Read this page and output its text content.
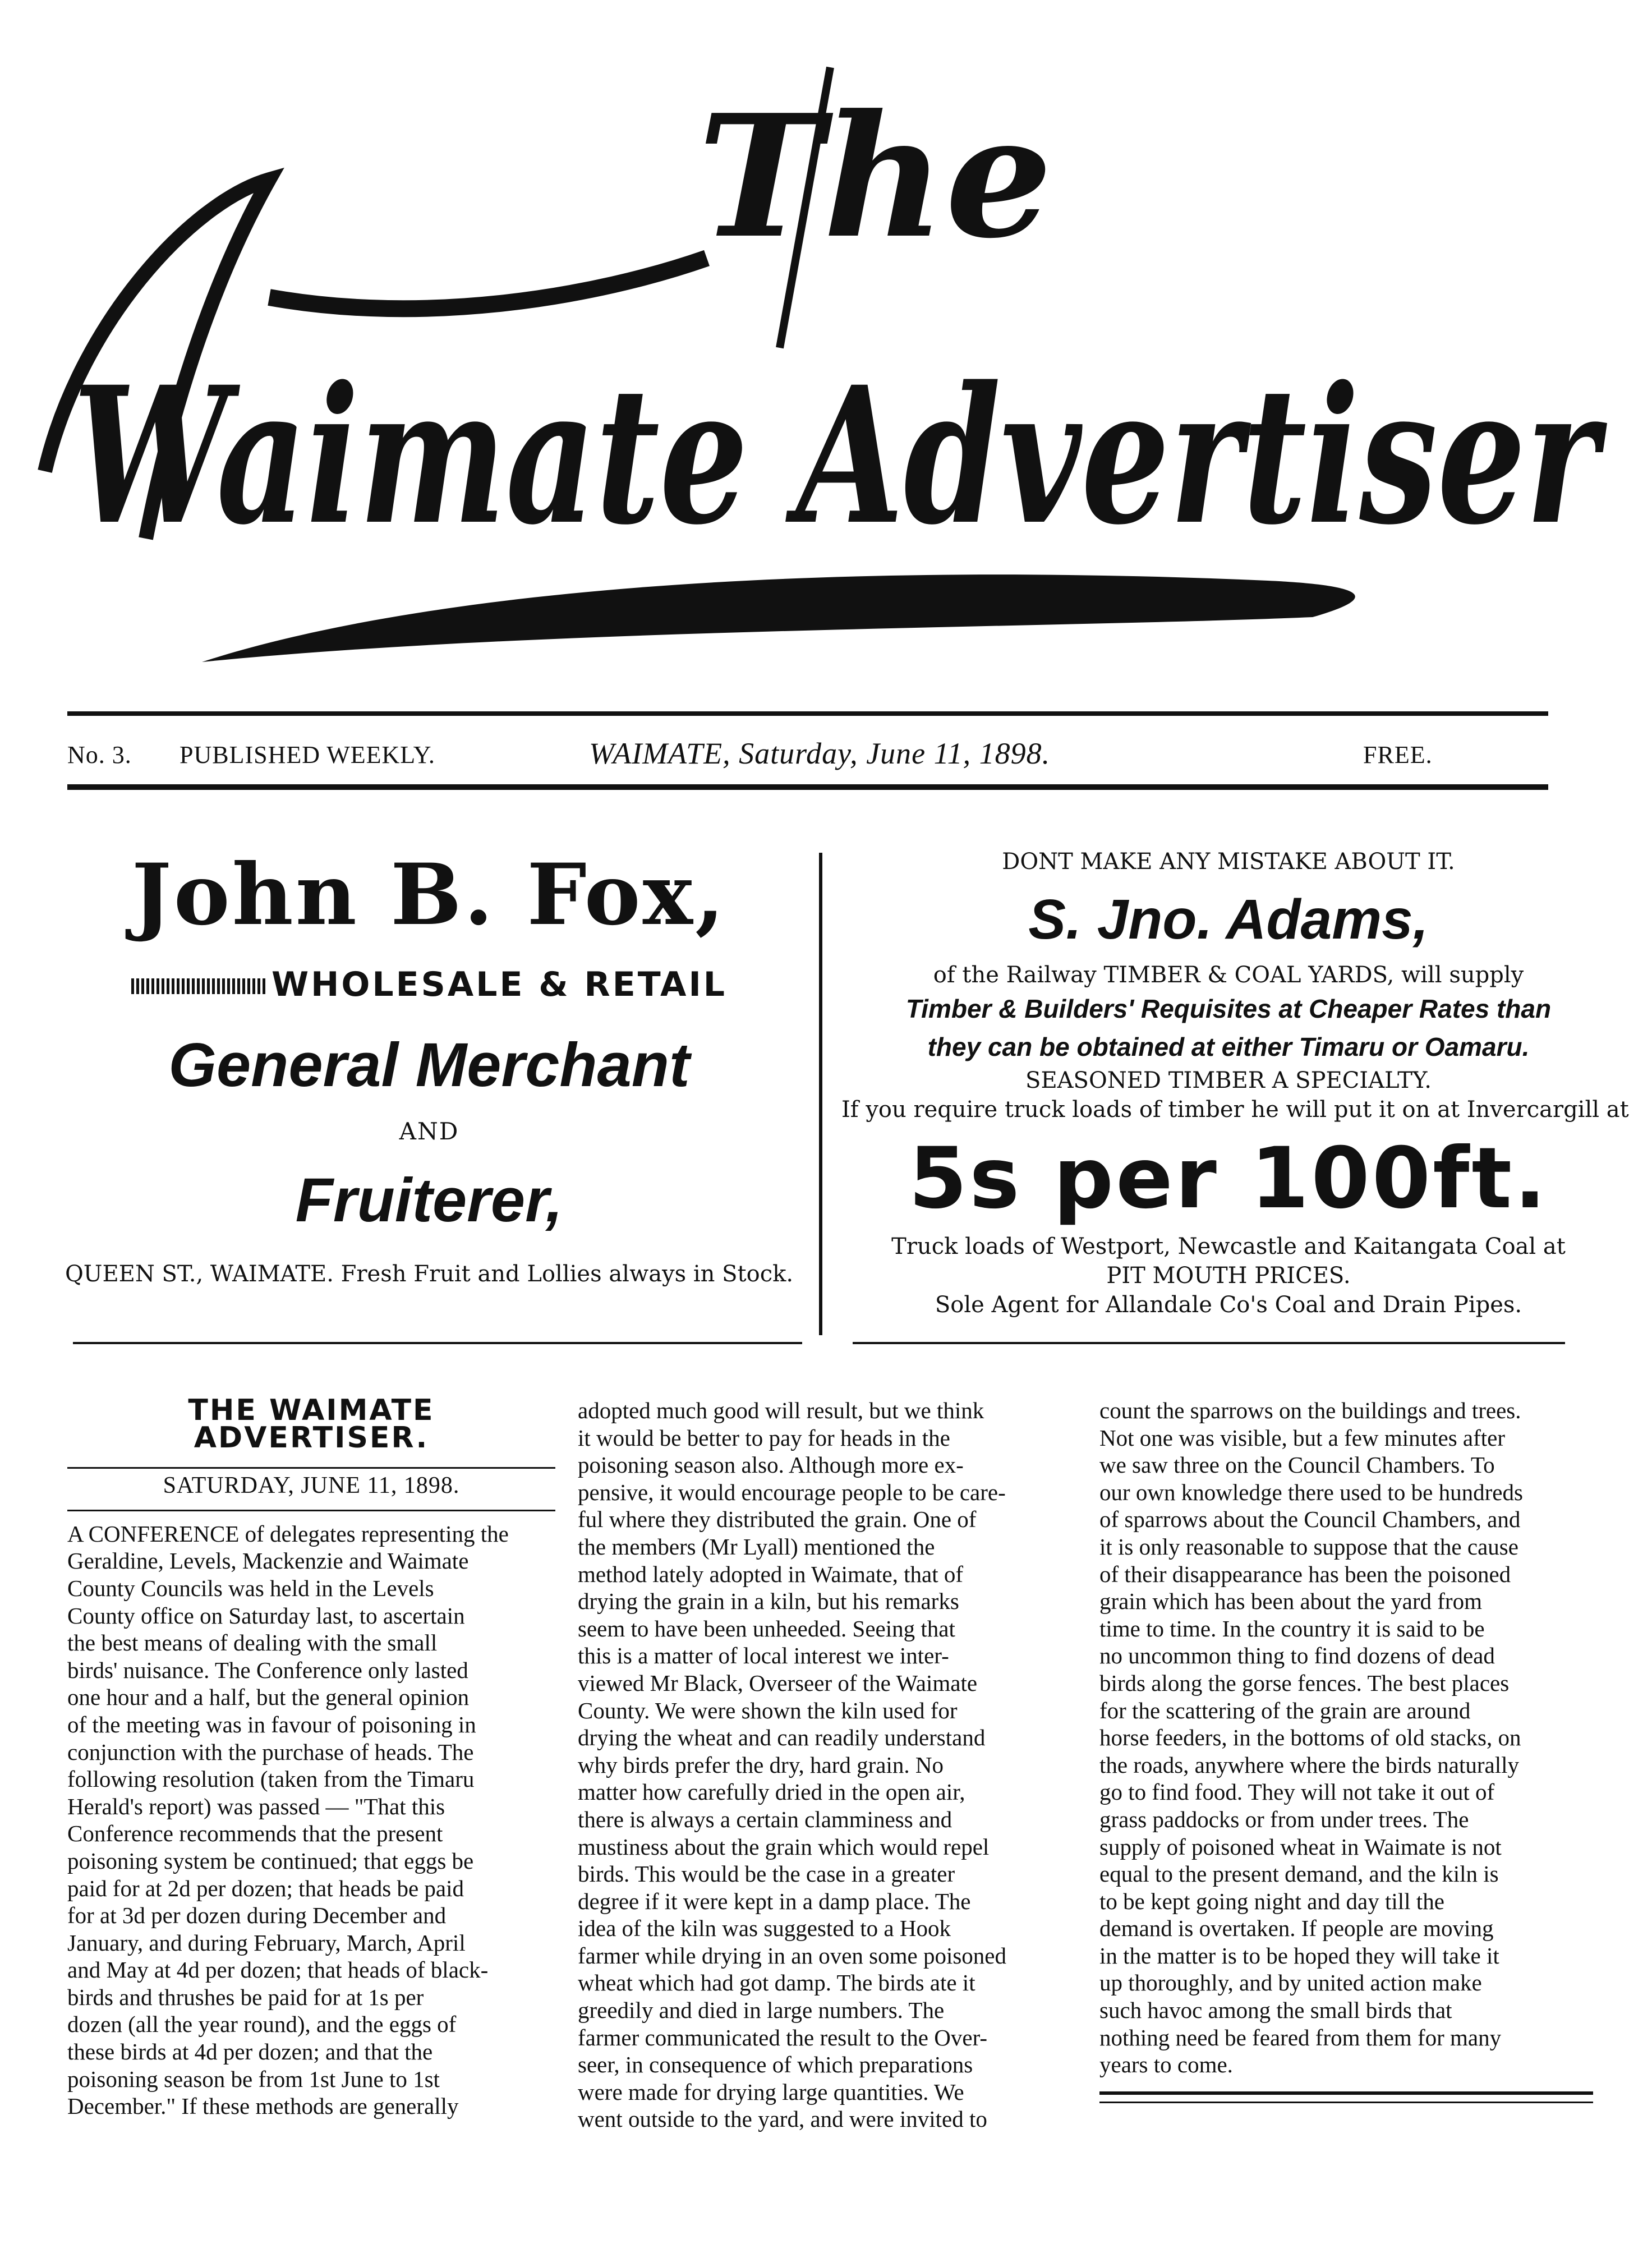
The
Waimate Advertiser
No. 3. PUBLISHED WEEKLY.	WAIMATE, Saturday, June 11, 1898.	FREE.
John B. Fox,
WHOLESALE & RETAIL
General Merchant
AND
Fruiterer,
QUEEN ST., WAIMATE. Fresh Fruit and Lollies always in Stock.
DONT MAKE ANY MISTAKE ABOUT IT.
S. Jno. Adams,
of the Railway TIMBER & COAL YARDS, will supply
Timber & Builders' Requisites at Cheaper Rates than
they can be obtained at either Timaru or Oamaru.
SEASONED TIMBER A SPECIALTY.
If you require truck loads of timber he will put it on at Invercargill at
5s per 100ft.
Truck loads of Westport, Newcastle and Kaitangata Coal at
PIT MOUTH PRICES.
Sole Agent for Allandale Co's Coal and Drain Pipes.
THE WAIMATE ADVERTISER.
SATURDAY, JUNE 11, 1898.
A CONFERENCE of delegates representing the
Geraldine, Levels, Mackenzie and Waimate
County Councils was held in the Levels
County office on Saturday last, to ascertain
the best means of dealing with the small
birds' nuisance. The Conference only lasted
one hour and a half, but the general opinion
of the meeting was in favour of poisoning in
conjunction with the purchase of heads. The
following resolution (taken from the Timaru
Herald's report) was passed — "That this
Conference recommends that the present
poisoning system be continued; that eggs be
paid for at 2d per dozen; that heads be paid
for at 3d per dozen during December and
January, and during February, March, April
and May at 4d per dozen; that heads of black-
birds and thrushes be paid for at 1s per
dozen (all the year round), and the eggs of
these birds at 4d per dozen; and that the
poisoning season be from 1st June to 1st
December." If these methods are generally
adopted much good will result, but we think
it would be better to pay for heads in the
poisoning season also. Although more ex-
pensive, it would encourage people to be care-
ful where they distributed the grain. One of
the members (Mr Lyall) mentioned the
method lately adopted in Waimate, that of
drying the grain in a kiln, but his remarks
seem to have been unheeded. Seeing that
this is a matter of local interest we inter-
viewed Mr Black, Overseer of the Waimate
County. We were shown the kiln used for
drying the wheat and can readily understand
why birds prefer the dry, hard grain. No
matter how carefully dried in the open air,
there is always a certain clamminess and
mustiness about the grain which would repel
birds. This would be the case in a greater
degree if it were kept in a damp place. The
idea of the kiln was suggested to a Hook
farmer while drying in an oven some poisoned
wheat which had got damp. The birds ate it
greedily and died in large numbers. The
farmer communicated the result to the Over-
seer, in consequence of which preparations
were made for drying large quantities. We
went outside to the yard, and were invited to
count the sparrows on the buildings and trees.
Not one was visible, but a few minutes after
we saw three on the Council Chambers. To
our own knowledge there used to be hundreds
of sparrows about the Council Chambers, and
it is only reasonable to suppose that the cause
of their disappearance has been the poisoned
grain which has been about the yard from
time to time. In the country it is said to be
no uncommon thing to find dozens of dead
birds along the gorse fences. The best places
for the scattering of the grain are around
horse feeders, in the bottoms of old stacks, on
the roads, anywhere where the birds naturally
go to find food. They will not take it out of
grass paddocks or from under trees. The
supply of poisoned wheat in Waimate is not
equal to the present demand, and the kiln is
to be kept going night and day till the
demand is overtaken. If people are moving
in the matter is to be hoped they will take it
up thoroughly, and by united action make
such havoc among the small birds that
nothing need be feared from them for many
years to come.
